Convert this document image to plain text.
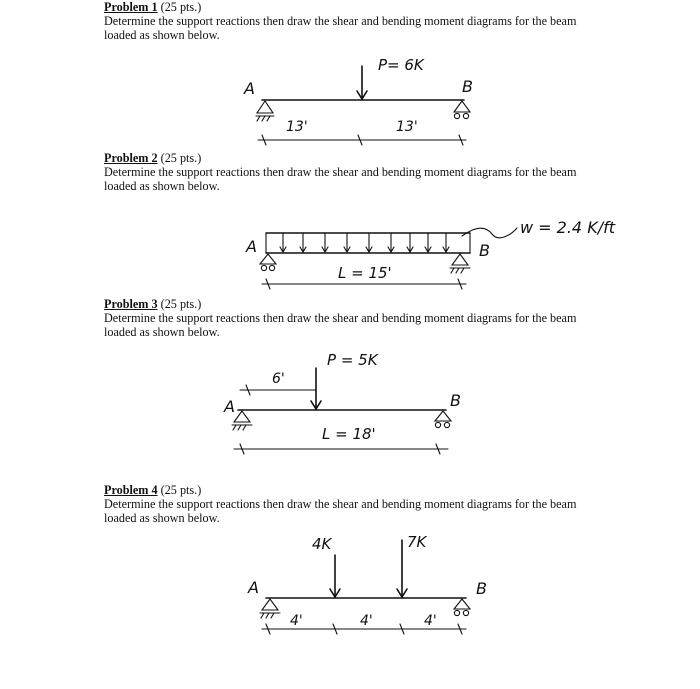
Problem 1 (25 pts.)

Determine the support reactions then draw the shear and bending moment diagrams for the beam loaded as shown below.

Problem 2 (25 pts.)

Determine the support reactions then draw the shear and bending moment diagrams for the beam loaded as shown below.

Problem 3 (25 pts.)

Determine the support reactions then draw the shear and bending moment diagrams for the beam loaded as shown below.

Problem 4 (25 pts.)

Determine the support reactions then draw the shear and bending moment diagrams for the beam loaded as shown below.

P= 6K
A	B
13'	13'
A	B
w = 2.4 K/ft
L = 15'
P = 5K
6'
A	B
L = 18'
4K	7K
A	B
4'	4'	4'
